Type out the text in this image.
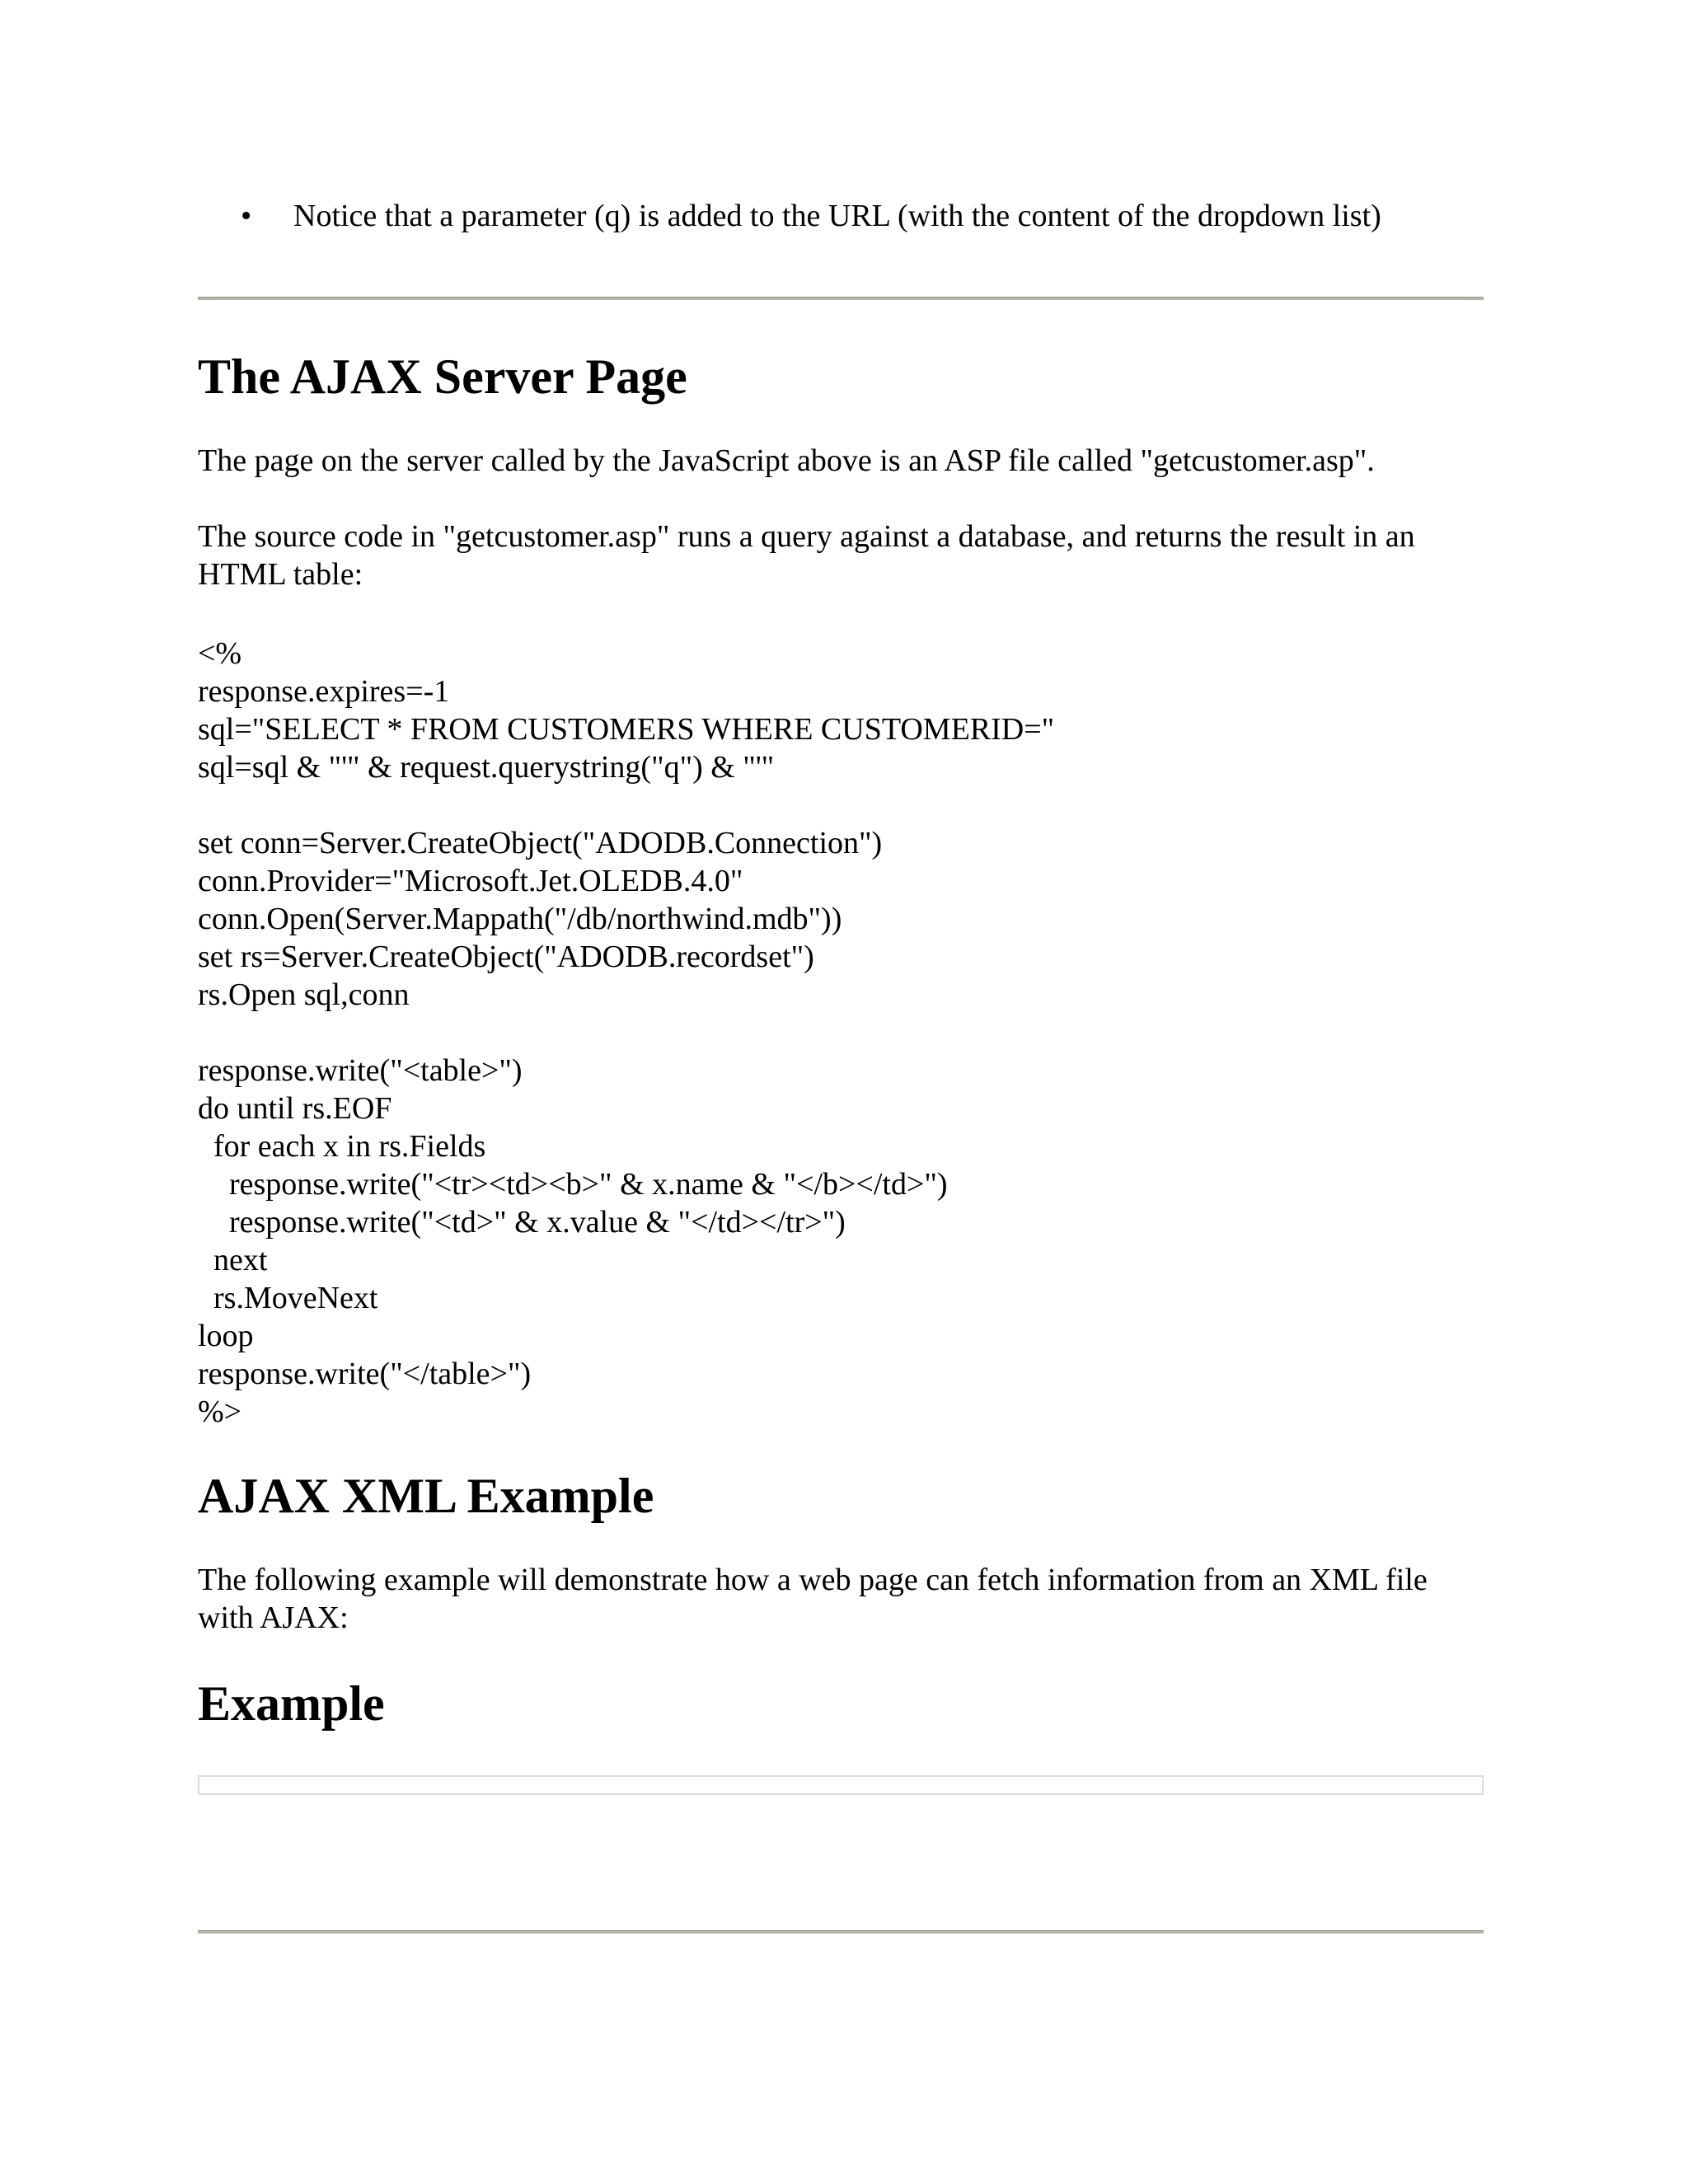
• Notice that a parameter (q) is added to the URL (with the content of the dropdown list)
The AJAX Server Page

The page on the server called by the JavaScript above is an ASP file called "getcustomer.asp".

The source code in "getcustomer.asp" runs a query against a database, and returns the result in an HTML table:

<%
response.expires=-1
sql="SELECT * FROM CUSTOMERS WHERE CUSTOMERID="
sql=sql & "'" & request.querystring("q") & "'"
set conn=Server.CreateObject("ADODB.Connection")
conn.Provider="Microsoft.Jet.OLEDB.4.0"
conn.Open(Server.Mappath("/db/northwind.mdb"))
set rs=Server.CreateObject("ADODB.recordset")
rs.Open sql,conn
response.write("<table>")
do until rs.EOF
for each x in rs.Fields
response.write("<tr><td><b>" & x.name & "</b></td>")
response.write("<td>" & x.value & "</td></tr>")
next
rs.MoveNext
loop
response.write("</table>")
%>
AJAX XML Example

The following example will demonstrate how a web page can fetch information from an XML file with AJAX:

Example
